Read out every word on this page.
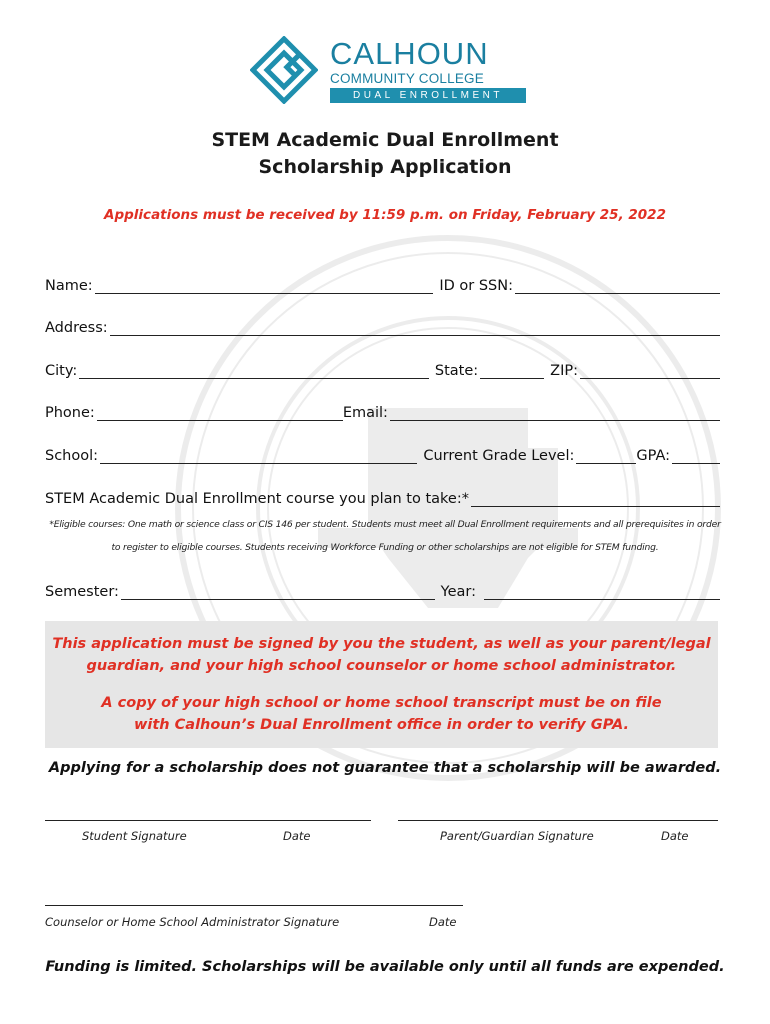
CALHOUN
COMMUNITY COLLEGE
DUAL ENROLLMENT
STEM Academic Dual Enrollment
Scholarship Application
Applications must be received by 11:59 p.m. on Friday, February 25, 2022
Name:	ID or SSN:
Address:
City:	State:	ZIP:
Phone:	Email:
School:	Current Grade Level:	GPA:
STEM Academic Dual Enrollment course you plan to take:*
*Eligible courses: One math or science class or CIS 146 per student. Students must meet all Dual Enrollment requirements and all prerequisites in order
to register to eligible courses. Students receiving Workforce Funding or other scholarships are not eligible for STEM funding.
Semester:	Year:
This application must be signed by you the student, as well as your parent/legal
guardian, and your high school counselor or home school administrator.
A copy of your high school or home school transcript must be on file
with Calhoun’s Dual Enrollment office in order to verify GPA.
Applying for a scholarship does not guarantee that a scholarship will be awarded.
Student Signature	Date	Parent/Guardian Signature	Date
Counselor or Home School Administrator Signature	Date
Funding is limited. Scholarships will be available only until all funds are expended.
